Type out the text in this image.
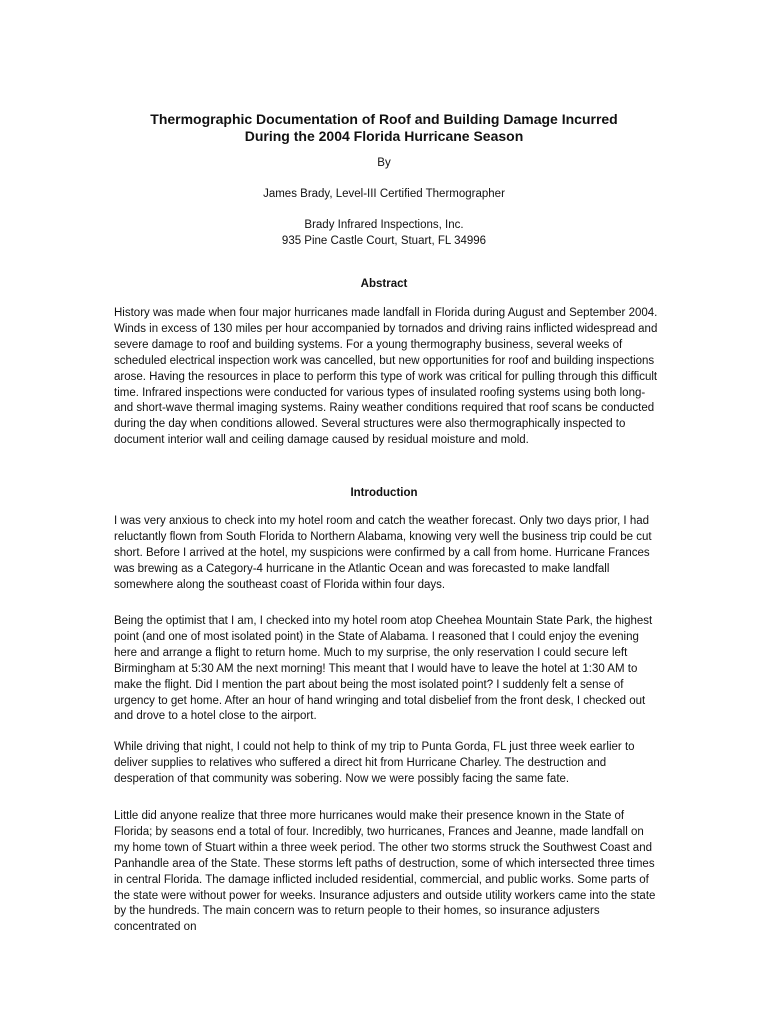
Thermographic Documentation of Roof and Building Damage Incurred
During the 2004 Florida Hurricane Season
By
James Brady, Level-III Certified Thermographer
Brady Infrared Inspections, Inc.
935 Pine Castle Court, Stuart, FL 34996
Abstract

History was made when four major hurricanes made landfall in Florida during August and September 2004. Winds in excess of 130 miles per hour accompanied by tornados and driving rains inflicted widespread and severe damage to roof and building systems. For a young thermography business, several weeks of scheduled electrical inspection work was cancelled, but new opportunities for roof and building inspections arose. Having the resources in place to perform this type of work was critical for pulling through this difficult time. Infrared inspections were conducted for various types of insulated roofing systems using both long- and short-wave thermal imaging systems. Rainy weather conditions required that roof scans be conducted during the day when conditions allowed. Several structures were also thermographically inspected to document interior wall and ceiling damage caused by residual moisture and mold.

Introduction

I was very anxious to check into my hotel room and catch the weather forecast. Only two days prior, I had reluctantly flown from South Florida to Northern Alabama, knowing very well the business trip could be cut short. Before I arrived at the hotel, my suspicions were confirmed by a call from home. Hurricane Frances was brewing as a Category-4 hurricane in the Atlantic Ocean and was forecasted to make landfall somewhere along the southeast coast of Florida within four days.

Being the optimist that I am, I checked into my hotel room atop Cheehea Mountain State Park, the highest point (and one of most isolated point) in the State of Alabama. I reasoned that I could enjoy the evening here and arrange a flight to return home. Much to my surprise, the only reservation I could secure left Birmingham at 5:30 AM the next morning! This meant that I would have to leave the hotel at 1:30 AM to make the flight. Did I mention the part about being the most isolated point? I suddenly felt a sense of urgency to get home. After an hour of hand wringing and total disbelief from the front desk, I checked out and drove to a hotel close to the airport.

While driving that night, I could not help to think of my trip to Punta Gorda, FL just three week earlier to deliver supplies to relatives who suffered a direct hit from Hurricane Charley. The destruction and desperation of that community was sobering. Now we were possibly facing the same fate.

Little did anyone realize that three more hurricanes would make their presence known in the State of Florida; by seasons end a total of four. Incredibly, two hurricanes, Frances and Jeanne, made landfall on my home town of Stuart within a three week period. The other two storms struck the Southwest Coast and Panhandle area of the State. These storms left paths of destruction, some of which intersected three times in central Florida. The damage inflicted included residential, commercial, and public works. Some parts of the state were without power for weeks. Insurance adjusters and outside utility workers came into the state by the hundreds. The main concern was to return people to their homes, so insurance adjusters concentrated on
